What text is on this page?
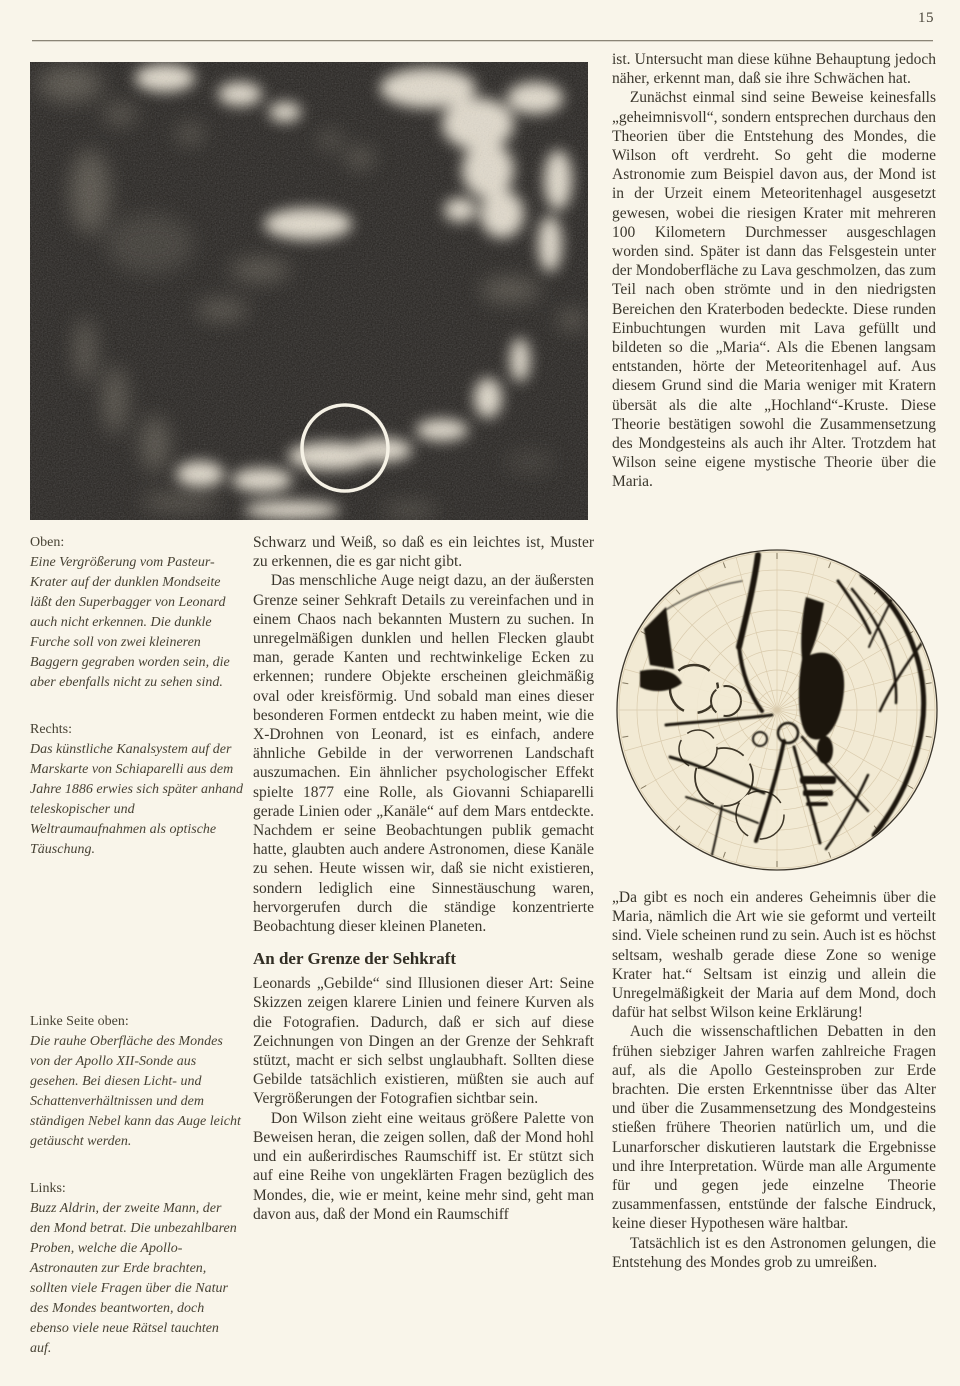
15

ist. Untersucht man diese kühne Behauptung jedoch näher, erkennt man, daß sie ihre Schwächen hat.

Zunächst einmal sind seine Beweise keinesfalls „geheimnisvoll“, sondern entsprechen durchaus den Theorien über die Entstehung des Mondes, die Wilson oft verdreht. So geht die moderne Astronomie zum Beispiel davon aus, der Mond ist in der Urzeit einem Meteoritenhagel ausgesetzt gewesen, wobei die riesigen Krater mit mehreren 100 Kilometern Durchmesser ausgeschlagen worden sind. Später ist dann das Felsgestein unter der Mondoberfläche zu Lava geschmolzen, das zum Teil nach oben strömte und in den niedrigsten Bereichen den Kraterboden bedeckte. Diese runden Einbuchtungen wurden mit Lava gefüllt und bildeten so die „Maria“. Als die Ebenen langsam entstanden, hörte der Meteoritenhagel auf. Aus diesem Grund sind die Maria weniger mit Kratern übersät als die alte „Hochland“-Kruste. Diese Theorie bestätigen sowohl die Zusammensetzung des Mondgesteins als auch ihr Alter. Trotzdem hat Wilson seine eigene mystische Theorie über die Maria.

„Da gibt es noch ein anderes Geheimnis über die Maria, nämlich die Art wie sie geformt und verteilt sind. Viele scheinen rund zu sein. Auch ist es höchst seltsam, weshalb gerade diese Zone so wenige Krater hat.“ Seltsam ist einzig und allein die Unregelmäßigkeit der Maria auf dem Mond, doch dafür hat selbst Wilson keine Erklärung!

Auch die wissenschaftlichen Debatten in den frühen siebziger Jahren warfen zahlreiche Fragen auf, als die Apollo Gesteinsproben zur Erde brachten. Die ersten Erkenntnisse über das Alter und über die Zusammensetzung des Mondgesteins stießen frühere Theorien natürlich um, und die Lunarforscher diskutieren lautstark die Ergebnisse und ihre Interpretation. Würde man alle Argumente für und gegen jede einzelne Theorie zusammenfassen, entstünde der falsche Eindruck, keine dieser Hypothesen wäre haltbar.

Tatsächlich ist es den Astronomen gelungen, die Entstehung des Mondes grob zu umreißen.

Schwarz und Weiß, so daß es ein leichtes ist, Muster zu erkennen, die es gar nicht gibt.

Das menschliche Auge neigt dazu, an der äußersten Grenze seiner Sehkraft Details zu vereinfachen und in einem Chaos nach bekannten Mustern zu suchen. In unregelmäßigen dunklen und hellen Flecken glaubt man, gerade Kanten und rechtwinkelige Ecken zu erkennen; rundere Objekte erscheinen gleichmäßig oval oder kreisförmig. Und sobald man eines dieser besonderen Formen entdeckt zu haben meint, wie die X-Drohnen von Leonard, ist es einfach, andere ähnliche Gebilde in der verworrenen Landschaft auszumachen. Ein ähnlicher psychologischer Effekt spielte 1877 eine Rolle, als Giovanni Schiaparelli gerade Linien oder „Kanäle“ auf dem Mars entdeckte. Nachdem er seine Beobachtungen publik gemacht hatte, glaubten auch andere Astronomen, diese Kanäle zu sehen. Heute wissen wir, daß sie nicht existieren, sondern lediglich eine Sinnestäuschung waren, hervorgerufen durch die ständige konzentrierte Beobachtung dieser kleinen Planeten.

An der Grenze der Sehkraft

Leonards „Gebilde“ sind Illusionen dieser Art: Seine Skizzen zeigen klarere Linien und feinere Kurven als die Fotografien. Dadurch, daß er sich auf diese Zeichnungen von Dingen an der Grenze der Sehkraft stützt, macht er sich selbst unglaubhaft. Sollten diese Gebilde tatsächlich existieren, müßten sie auch auf Vergrößerungen der Fotografien sichtbar sein.

Don Wilson zieht eine weitaus größere Palette von Beweisen heran, die zeigen sollen, daß der Mond hohl und ein außerirdisches Raumschiff ist. Er stützt sich auf eine Reihe von ungeklärten Fragen bezüglich des Mondes, die, wie er meint, keine mehr sind, geht man davon aus, daß der Mond ein Raumschiff

Oben:
Eine Vergrößerung vom Pasteur-Krater auf der dunklen Mondseite läßt den Superbagger von Leonard auch nicht erkennen. Die dunkle Furche soll von zwei kleineren Baggern gegraben worden sein, die aber ebenfalls nicht zu sehen sind.
Rechts:
Das künstliche Kanalsystem auf der Marskarte von Schiaparelli aus dem Jahre 1886 erwies sich später anhand teleskopischer und Weltraumaufnahmen als optische Täuschung.
Linke Seite oben:
Die rauhe Oberfläche des Mondes von der Apollo XII-Sonde aus gesehen. Bei diesen Licht- und Schattenverhältnissen und dem ständigen Nebel kann das Auge leicht getäuscht werden.
Links:
Buzz Aldrin, der zweite Mann, der den Mond betrat. Die unbezahlbaren Proben, welche die Apollo-Astronauten zur Erde brachten, sollten viele Fragen über die Natur des Mondes beantworten, doch ebenso viele neue Rätsel tauchten auf.
